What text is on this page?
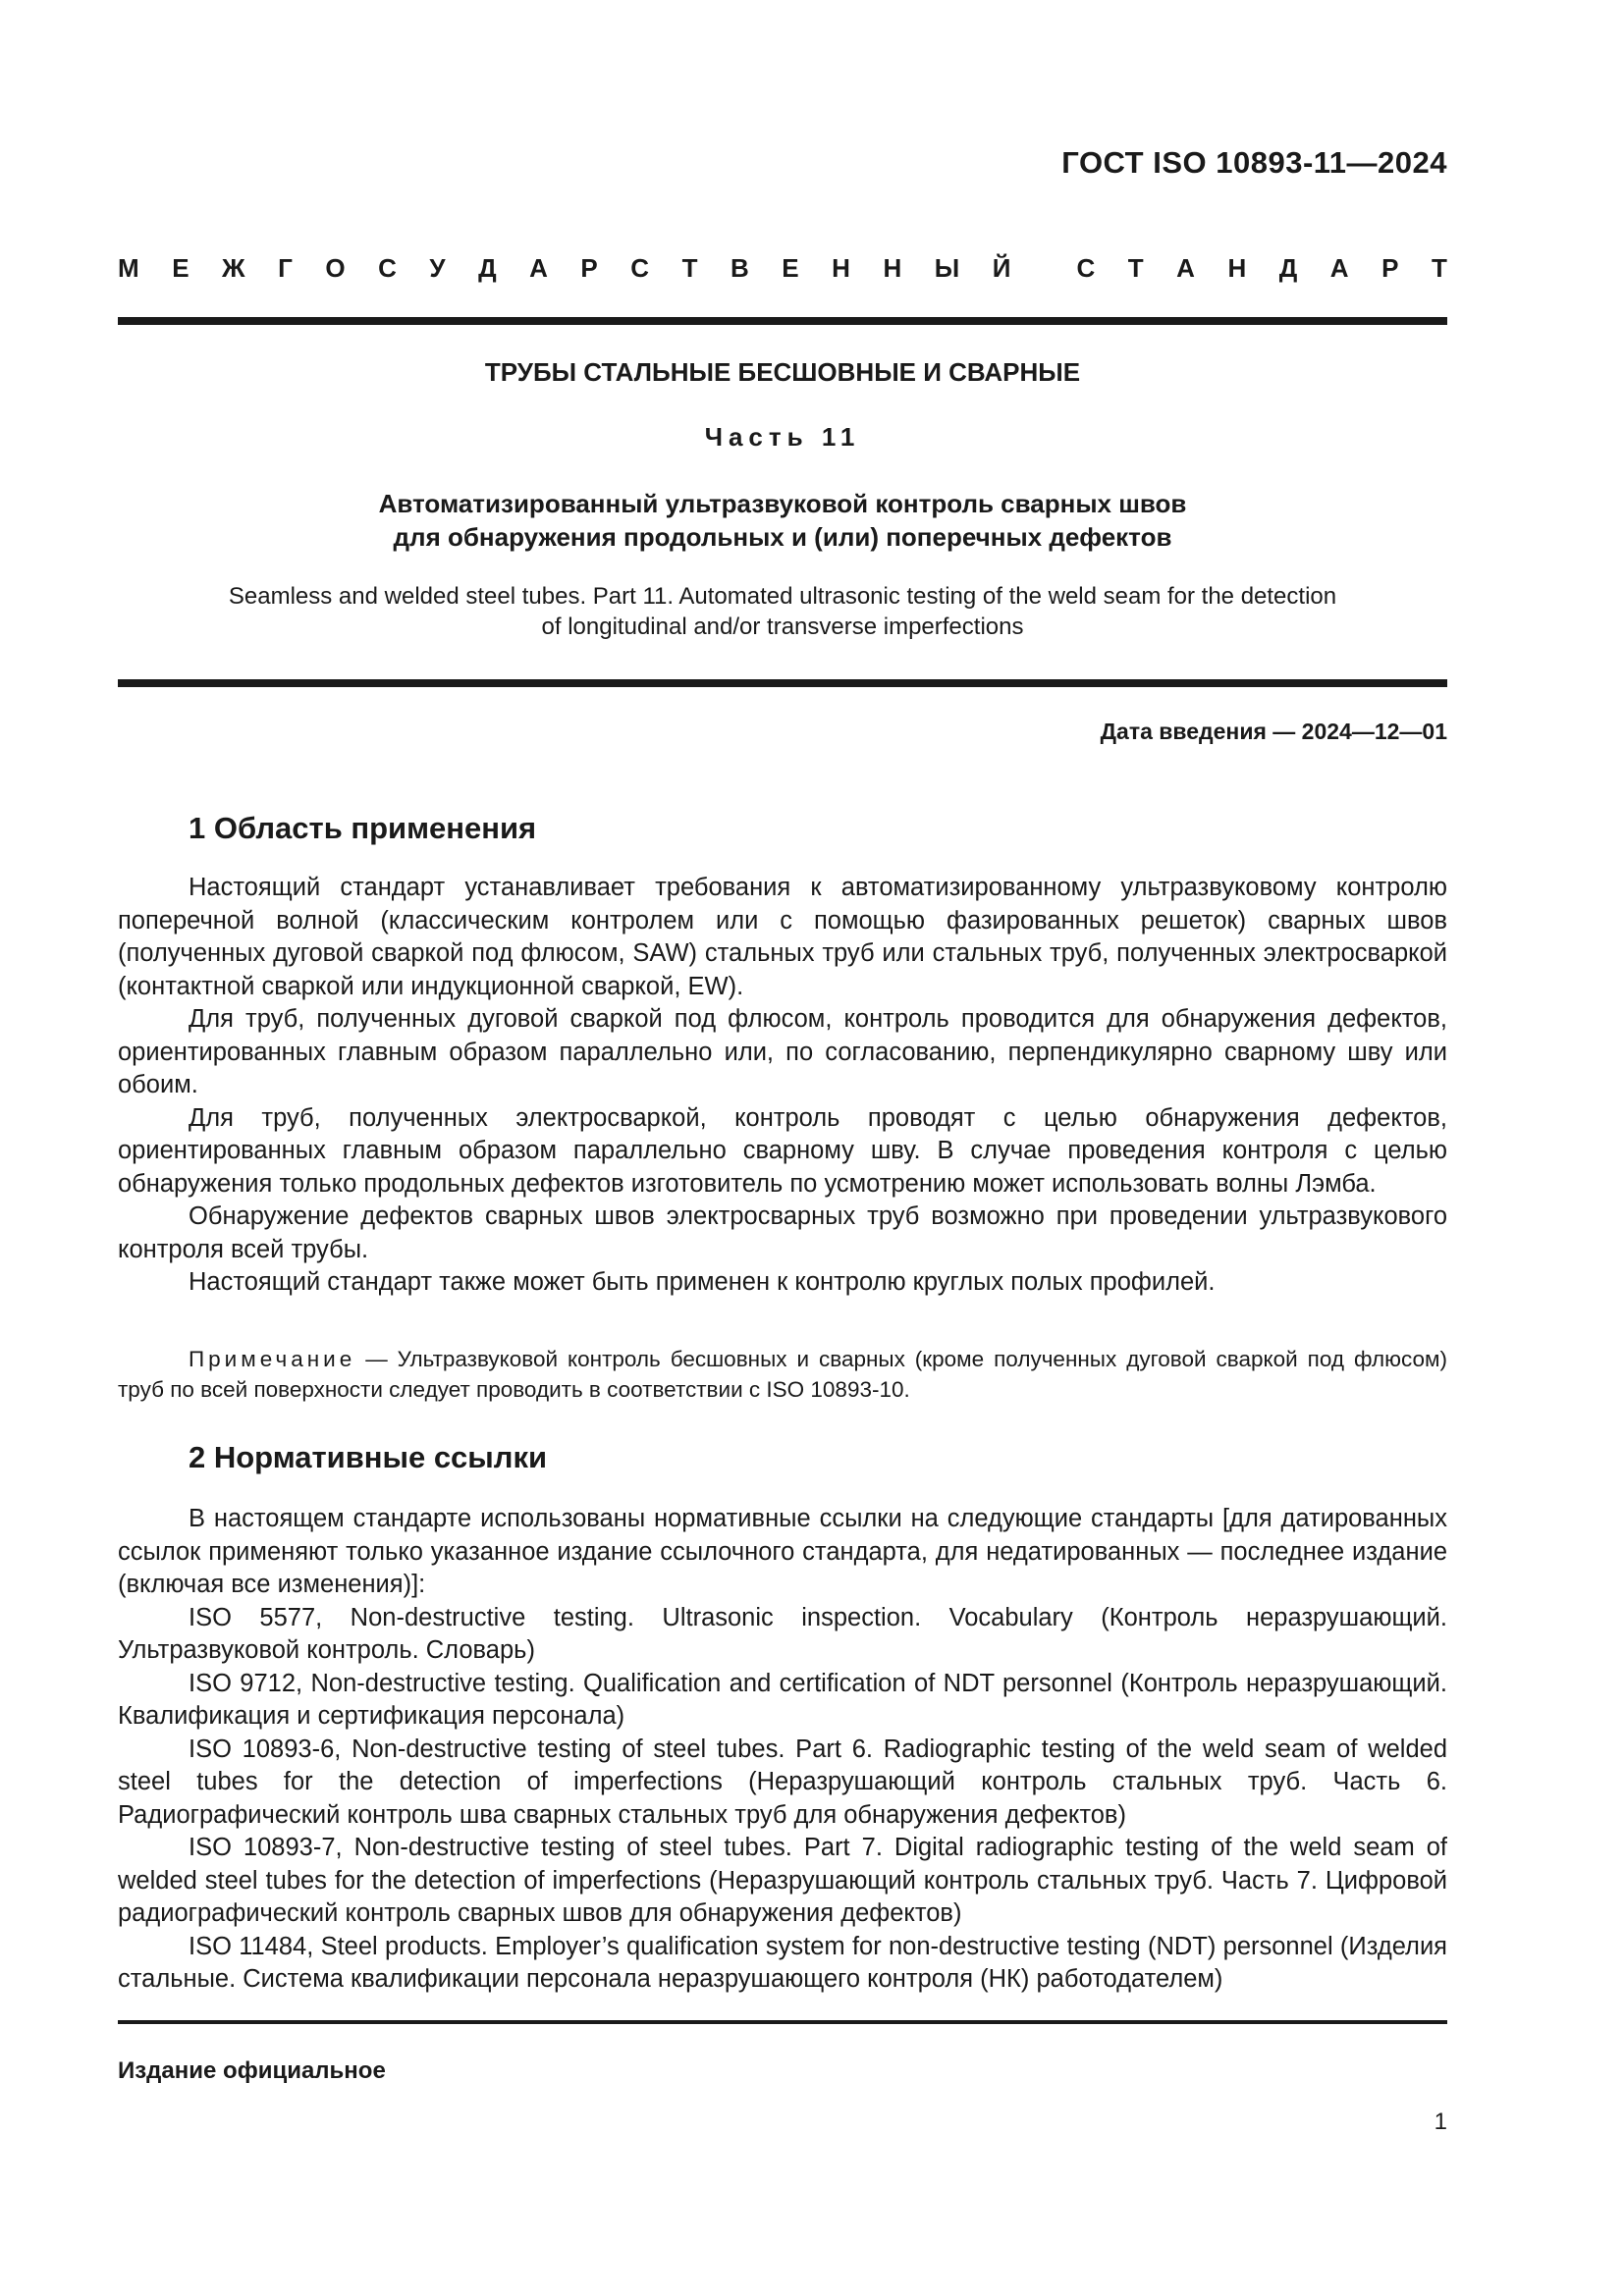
ГОСТ ISO 10893-11—2024
М Е Ж Г О С У Д А Р С Т В Е Н Н Ы Й	С Т А Н Д А Р Т
ТРУБЫ СТАЛЬНЫЕ БЕСШОВНЫЕ И СВАРНЫЕ
Часть 11
Автоматизированный ультразвуковой контроль сварных швов
для обнаружения продольных и (или) поперечных дефектов
Seamless and welded steel tubes. Part 11. Automated ultrasonic testing of the weld seam for the detection
of longitudinal and/or transverse imperfections
Дата введения — 2024—12—01
1 Область применения

Настоящий стандарт устанавливает требования к автоматизированному ультразвуковому контролю поперечной волной (классическим контролем или с помощью фазированных решеток) сварных швов (полученных дуговой сваркой под флюсом, SAW) стальных труб или стальных труб, полученных электросваркой (контактной сваркой или индукционной сваркой, EW).

Для труб, полученных дуговой сваркой под флюсом, контроль проводится для обнаружения дефектов, ориентированных главным образом параллельно или, по согласованию, перпендикулярно сварному шву или обоим.

Для труб, полученных электросваркой, контроль проводят с целью обнаружения дефектов, ориентированных главным образом параллельно сварному шву. В случае проведения контроля с целью обнаружения только продольных дефектов изготовитель по усмотрению может использовать волны Лэмба.

Обнаружение дефектов сварных швов электросварных труб возможно при проведении ультразвукового контроля всей трубы.

Настоящий стандарт также может быть применен к контролю круглых полых профилей.

Примечание — Ультразвуковой контроль бесшовных и сварных (кроме полученных дуговой сваркой под флюсом) труб по всей поверхности следует проводить в соответствии с ISO 10893-10.
2 Нормативные ссылки

В настоящем стандарте использованы нормативные ссылки на следующие стандарты [для датированных ссылок применяют только указанное издание ссылочного стандарта, для недатированных — последнее издание (включая все изменения)]:

ISO 5577, Non-destructive testing. Ultrasonic inspection. Vocabulary (Контроль неразрушающий. Ультразвуковой контроль. Словарь)

ISO 9712, Non-destructive testing. Qualification and certification of NDT personnel (Контроль неразрушающий. Квалификация и сертификация персонала)

ISO 10893-6, Non-destructive testing of steel tubes. Part 6. Radiographic testing of the weld seam of welded steel tubes for the detection of imperfections (Неразрушающий контроль стальных труб. Часть 6. Радиографический контроль шва сварных стальных труб для обнаружения дефектов)

ISO 10893-7, Non-destructive testing of steel tubes. Part 7. Digital radiographic testing of the weld seam of welded steel tubes for the detection of imperfections (Неразрушающий контроль стальных труб. Часть 7. Цифровой радиографический контроль сварных швов для обнаружения дефектов)

ISO 11484, Steel products. Employer’s qualification system for non-destructive testing (NDT) personnel (Изделия стальные. Система квалификации персонала неразрушающего контроля (НК) работодателем)

Издание официальное
1
